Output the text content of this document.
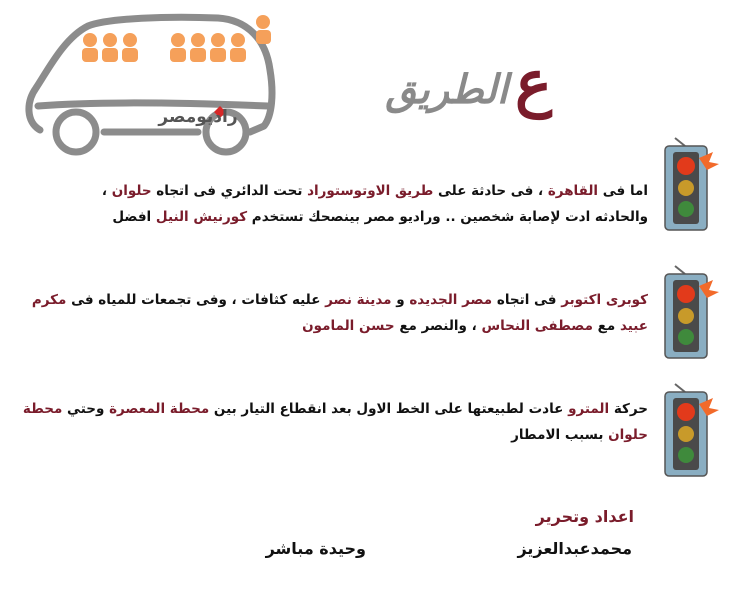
راديومصر	ع
الطريق
اما فى القاهرة ، فى حادثة على طريق الاوتوستوراد تحت الدائري فى اتجاه حلوان ، والحادثه ادت لإصابة شخصين .. وراديو مصر بينصحك تستخدم كورنيش النيل افضل
كوبرى اكتوبر فى اتجاه مصر الجديده و مدينة نصر عليه كثافات ، وفى تجمعات للمياه فى مكرم عبيد مع مصطفى النحاس ، والنصر مع حسن المامون
حركة المترو عادت لطبيعتها على الخط الاول بعد انقطاع التيار بين محطة المعصرة وحتي محطة حلوان بسبب الامطار
اعداد وتحرير
محمدعبدالعزيز
وحيدة مباشر
